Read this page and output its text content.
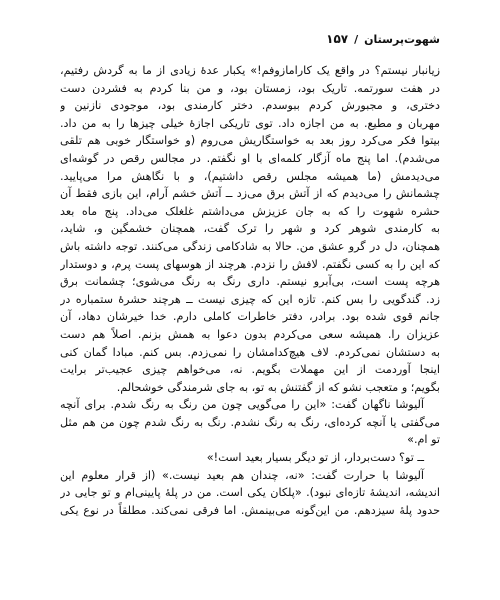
شهوت‌پرستان
/
۱۵۷
زیانبار نیستم؟ در واقع یک کارامازوفم!» یکبار عدهٔ زیادی از ما به گردش رفتیم،
در هفت سورتمه. تاریک بود، زمستان بود، و من بنا کردم به فشردن دست
دختری، و مجبورش کردم ببوسدم. دختر کارمندی بود، موجودی نازنین و
مهربان و مطیع. به من اجازه داد. توی تاریکی اجازهٔ خیلی چیزها را به من داد.
بیتوا فکر می‌کرد روز بعد به خواستگاریش می‌روم (و خواستگار خوبی هم تلقی
می‌شدم). اما پنج ماه آزگار کلمه‌ای با او نگفتم. در مجالس رقص در گوشه‌ای
می‌دیدمش (ما همیشه مجلس رقص داشتیم)، و با نگاهش مرا می‌پایید.
چشمانش را می‌دیدم که از آتش برق می‌زد ــ آتش خشم آرام، این بازی فقط آن
حشره شهوت را که به جان عزیزش می‌داشتم غلغلک می‌داد. پنج ماه بعد
به کارمندی شوهر کرد و شهر را ترک گفت، همچنان خشمگین و، شاید،
همچنان، دل در گرو عشق من. حالا به شادکامی زندگی می‌کنند. توجه داشته باش
که این را به کسی نگفتم. لافش را نزدم. هرچند از هوسهای پست پرم، و دوستدار
هرچه پست است، بی‌آبرو نیستم. داری رنگ به رنگ می‌شوی؛ چشمانت برق
زد. گندگویی را بس کنم. تازه این که چیزی نیست ــ هرچند حشرهٔ ستمباره در
جانم قوی شده بود. برادر، دفتر خاطرات کاملی دارم. خدا خیرشان دهاد، آن
عزیزان را. همیشه سعی می‌کردم بدون دعوا به همش بزنم. اصلاً هم دست
به دستشان نمی‌کردم. لاف هیچ‌کدامشان را نمی‌زدم. بس کنم. مبادا گمان کنی
اینجا آوردمت از این مهملات بگویم. نه، می‌خواهم چیزی عجیب‌تر برایت
بگویم؛ و متعجب نشو که از گفتنش به تو، به جای شرمندگی خوشحالم.
آلیوشا ناگهان گفت: «این را می‌گویی چون من رنگ به رنگ شدم. برای آنچه
می‌گفتی یا آنچه کرده‌ای، رنگ به رنگ نشدم. رنگ به رنگ شدم چون من هم مثل
تو ام.»
ــ تو؟ دست‌بردار، از تو دیگر بسیار بعید است!»
آلیوشا با حرارت گفت: «نه، چندان هم بعید نیست.» (از قرار معلوم این
اندیشه، اندیشهٔ تازه‌ای نبود). «پلکان یکی است. من در پلهٔ پایینی‌ام و تو جایی در
حدود پلهٔ سیزدهم. من این‌گونه می‌بینمش. اما فرقی نمی‌کند. مطلقاً در نوع یکی
